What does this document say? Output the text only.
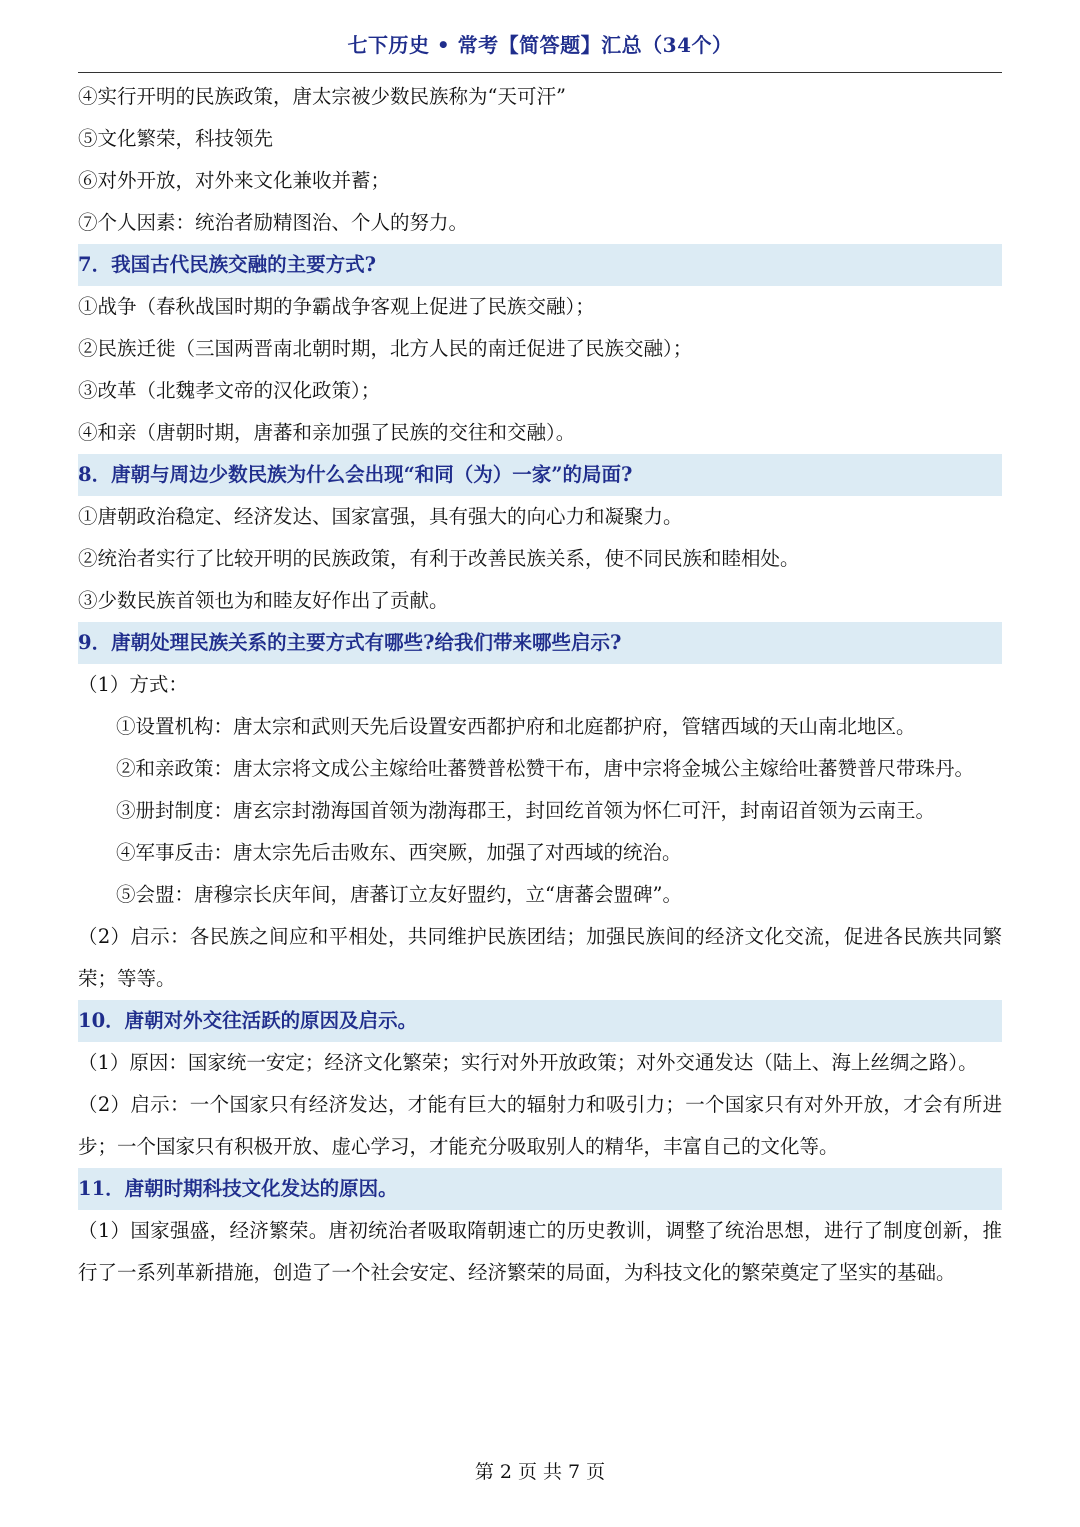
七下历史 • 常考【简答题】汇总（34个）
④实行开明的民族政策，唐太宗被少数民族称为“天可汗”
⑤文化繁荣，科技领先
⑥对外开放，对外来文化兼收并蓄；
⑦个人因素：统治者励精图治、个人的努力。
7．我国古代民族交融的主要方式?
①战争（春秋战国时期的争霸战争客观上促进了民族交融）；
②民族迁徙（三国两晋南北朝时期，北方人民的南迁促进了民族交融）；
③改革（北魏孝文帝的汉化政策）；
④和亲（唐朝时期，唐蕃和亲加强了民族的交往和交融）。
8．唐朝与周边少数民族为什么会出现“和同（为）一家”的局面?
①唐朝政治稳定、经济发达、国家富强，具有强大的向心力和凝聚力。
②统治者实行了比较开明的民族政策，有利于改善民族关系，使不同民族和睦相处。
③少数民族首领也为和睦友好作出了贡献。
9．唐朝处理民族关系的主要方式有哪些?给我们带来哪些启示?
（1）方式：
①设置机构：唐太宗和武则天先后设置安西都护府和北庭都护府，管辖西域的天山南北地区。
②和亲政策：唐太宗将文成公主嫁给吐蕃赞普松赞干布，唐中宗将金城公主嫁给吐蕃赞普尺带珠丹。
③册封制度：唐玄宗封渤海国首领为渤海郡王，封回纥首领为怀仁可汗，封南诏首领为云南王。
④军事反击：唐太宗先后击败东、西突厥，加强了对西域的统治。
⑤会盟：唐穆宗长庆年间，唐蕃订立友好盟约，立“唐蕃会盟碑”。
（2）启示：各民族之间应和平相处，共同维护民族团结；加强民族间的经济文化交流，促进各民族共同繁荣；等等。
10．唐朝对外交往活跃的原因及启示。
（1）原因：国家统一安定；经济文化繁荣；实行对外开放政策；对外交通发达（陆上、海上丝绸之路）。
（2）启示：一个国家只有经济发达，才能有巨大的辐射力和吸引力；一个国家只有对外开放，才会有所进步；一个国家只有积极开放、虚心学习，才能充分吸取别人的精华，丰富自己的文化等。
11．唐朝时期科技文化发达的原因。
（1）国家强盛，经济繁荣。唐初统治者吸取隋朝速亡的历史教训，调整了统治思想，进行了制度创新，推行了一系列革新措施，创造了一个社会安定、经济繁荣的局面，为科技文化的繁荣奠定了坚实的基础。
第 2 页 共 7 页
